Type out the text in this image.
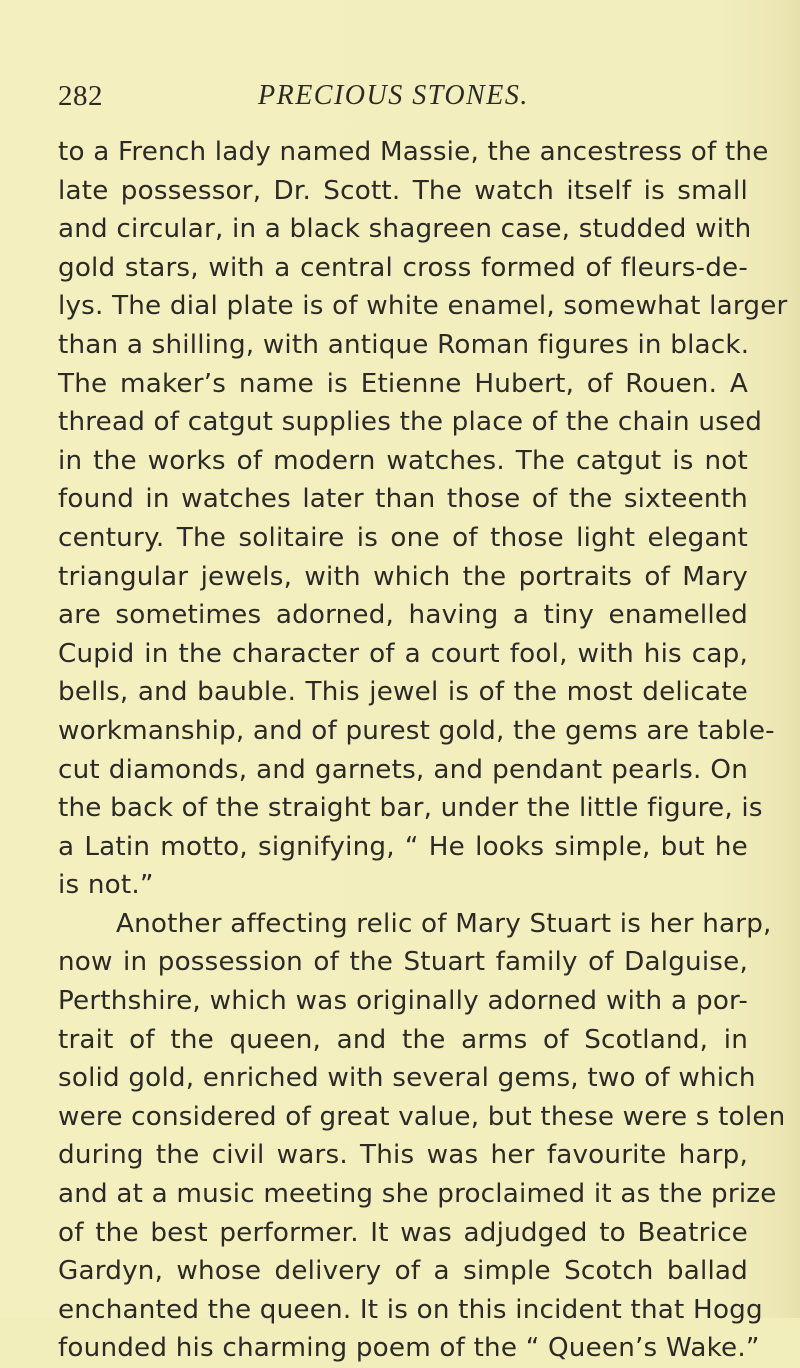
282	PRECIOUS STONES.
to a French lady named Massie, the ancestress of the
late possessor, Dr. Scott. The watch itself is small
and circular, in a black shagreen case, studded with
gold stars, with a central cross formed of fleurs-de-
lys. The dial plate is of white enamel, somewhat larger
than a shilling, with antique Roman figures in black.
The maker’s name is Etienne Hubert, of Rouen. A
thread of catgut supplies the place of the chain used
in the works of modern watches. The catgut is not
found in watches later than those of the sixteenth
century. The solitaire is one of those light elegant
triangular jewels, with which the portraits of Mary
are sometimes adorned, having a tiny enamelled
Cupid in the character of a court fool, with his cap,
bells, and bauble. This jewel is of the most delicate
workmanship, and of purest gold, the gems are table-
cut diamonds, and garnets, and pendant pearls. On
the back of the straight bar, under the little figure, is
a Latin motto, signifying, “ He looks simple, but he
is not.”
Another affecting relic of Mary Stuart is her harp,
now in possession of the Stuart family of Dalguise,
Perthshire, which was originally adorned with a por-
trait of the queen, and the arms of Scotland, in
solid gold, enriched with several gems, two of which
were considered of great value, but these were s tolen
during the civil wars. This was her favourite harp,
and at a music meeting she proclaimed it as the prize
of the best performer. It was adjudged to Beatrice
Gardyn, whose delivery of a simple Scotch ballad
enchanted the queen. It is on this incident that Hogg
founded his charming poem of the “ Queen’s Wake.”
